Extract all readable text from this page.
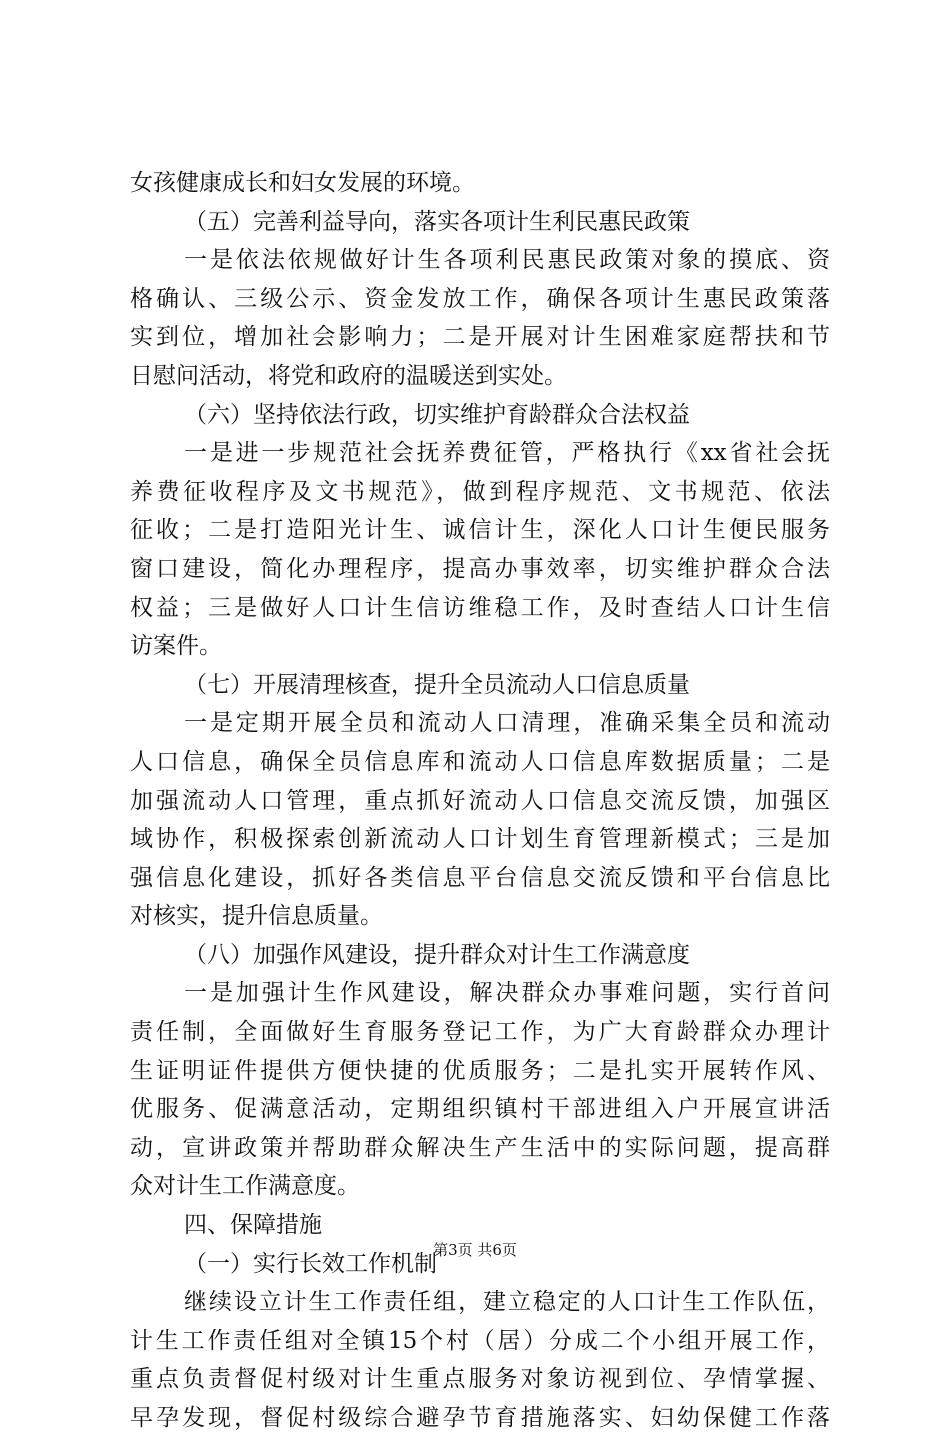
女孩健康成长和妇女发展的环境。
（五）完善利益导向，落实各项计生利民惠民政策
一是依法依规做好计生各项利民惠民政策对象的摸底、资
格确认、三级公示、资金发放工作，确保各项计生惠民政策落
实到位，增加社会影响力；二是开展对计生困难家庭帮扶和节
日慰问活动，将党和政府的温暖送到实处。
（六）坚持依法行政，切实维护育龄群众合法权益
一是进一步规范社会抚养费征管，严格执行《xx省社会抚
养费征收程序及文书规范》，做到程序规范、文书规范、依法
征收；二是打造阳光计生、诚信计生，深化人口计生便民服务
窗口建设，简化办理程序，提高办事效率，切实维护群众合法
权益；三是做好人口计生信访维稳工作，及时查结人口计生信
访案件。
（七）开展清理核查，提升全员流动人口信息质量
一是定期开展全员和流动人口清理，准确采集全员和流动
人口信息，确保全员信息库和流动人口信息库数据质量；二是
加强流动人口管理，重点抓好流动人口信息交流反馈，加强区
域协作，积极探索创新流动人口计划生育管理新模式；三是加
强信息化建设，抓好各类信息平台信息交流反馈和平台信息比
对核实，提升信息质量。
（八）加强作风建设，提升群众对计生工作满意度
一是加强计生作风建设，解决群众办事难问题，实行首问
责任制，全面做好生育服务登记工作，为广大育龄群众办理计
生证明证件提供方便快捷的优质服务；二是扎实开展转作风、
优服务、促满意活动，定期组织镇村干部进组入户开展宣讲活
动，宣讲政策并帮助群众解决生产生活中的实际问题，提高群
众对计生工作满意度。
四、保障措施
（一）实行长效工作机制
继续设立计生工作责任组，建立稳定的人口计生工作队伍，
计生工作责任组对全镇15个村（居）分成二个小组开展工作，
重点负责督促村级对计生重点服务对象访视到位、孕情掌握、
早孕发现，督促村级综合避孕节育措施落实、妇幼保健工作落
第3页 共6页
